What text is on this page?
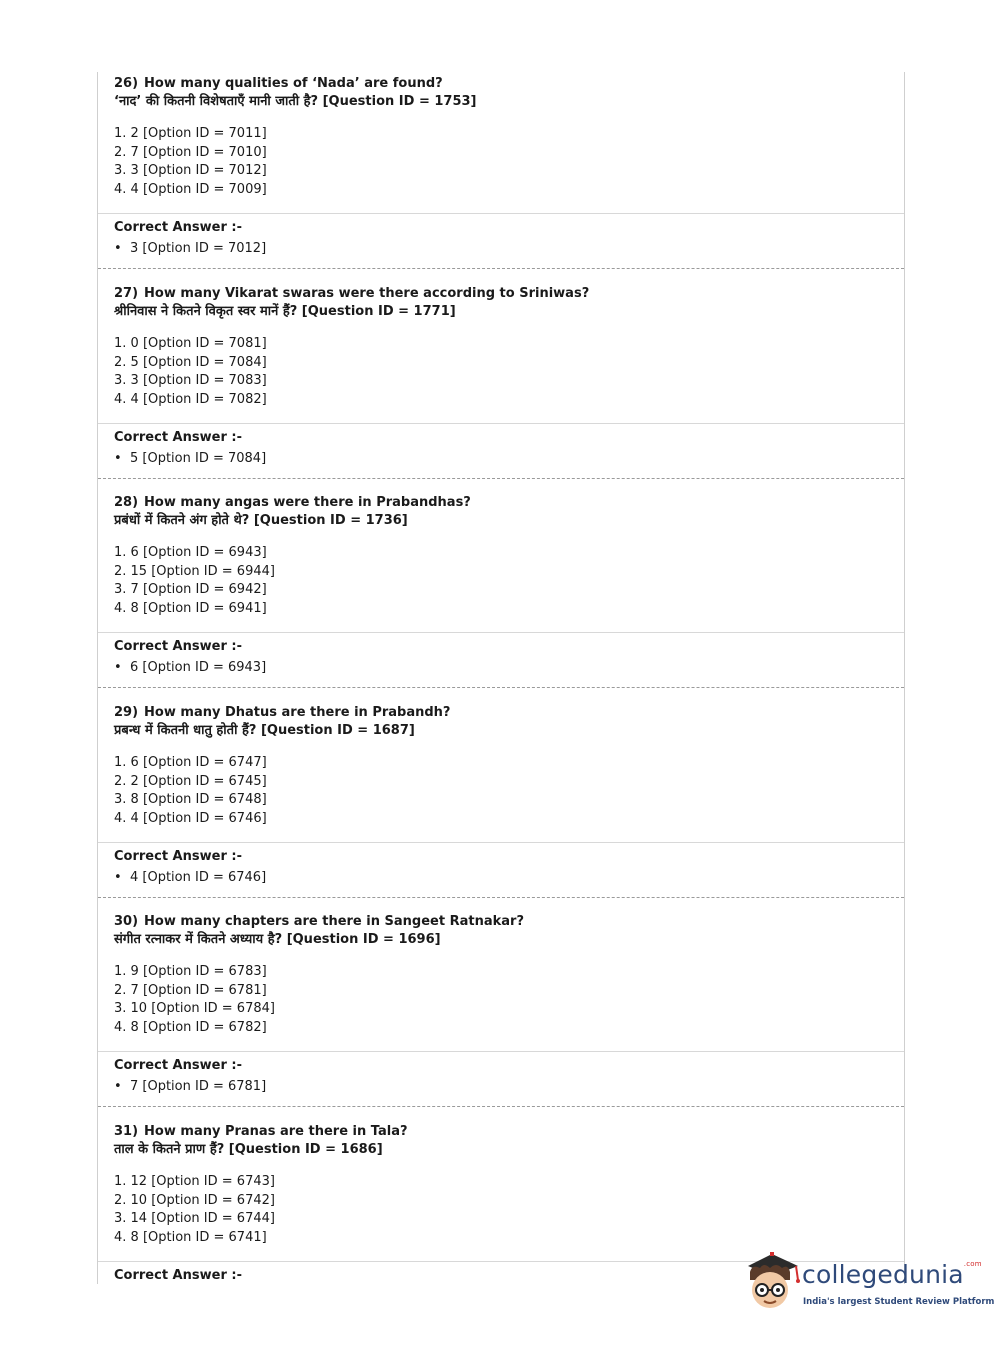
26) How many qualities of ‘Nada’ are found?
‘नाद’ की कितनी विशेषताएँ मानी जाती है? [Question ID = 1753]
1. 2 [Option ID = 7011]
2. 7 [Option ID = 7010]
3. 3 [Option ID = 7012]
4. 4 [Option ID = 7009]
Correct Answer :-
• 3 [Option ID = 7012]
27) How many Vikarat swaras were there according to Sriniwas?
श्रीनिवास ने कितने विकृत स्वर मानें हैं? [Question ID = 1771]
1. 0 [Option ID = 7081]
2. 5 [Option ID = 7084]
3. 3 [Option ID = 7083]
4. 4 [Option ID = 7082]
Correct Answer :-
• 5 [Option ID = 7084]
28) How many angas were there in Prabandhas?
प्रबंधों में कितने अंग होते थे? [Question ID = 1736]
1. 6 [Option ID = 6943]
2. 15 [Option ID = 6944]
3. 7 [Option ID = 6942]
4. 8 [Option ID = 6941]
Correct Answer :-
• 6 [Option ID = 6943]
29) How many Dhatus are there in Prabandh?
प्रबन्ध में कितनी धातु होती हैं? [Question ID = 1687]
1. 6 [Option ID = 6747]
2. 2 [Option ID = 6745]
3. 8 [Option ID = 6748]
4. 4 [Option ID = 6746]
Correct Answer :-
• 4 [Option ID = 6746]
30) How many chapters are there in Sangeet Ratnakar?
संगीत रत्नाकर में कितने अध्याय है? [Question ID = 1696]
1. 9 [Option ID = 6783]
2. 7 [Option ID = 6781]
3. 10 [Option ID = 6784]
4. 8 [Option ID = 6782]
Correct Answer :-
• 7 [Option ID = 6781]
31) How many Pranas are there in Tala?
ताल के कितने प्राण हैं? [Question ID = 1686]
1. 12 [Option ID = 6743]
2. 10 [Option ID = 6742]
3. 14 [Option ID = 6744]
4. 8 [Option ID = 6741]
Correct Answer :-	collegedunia$^{.com}$
India's largest Student Review Platform
